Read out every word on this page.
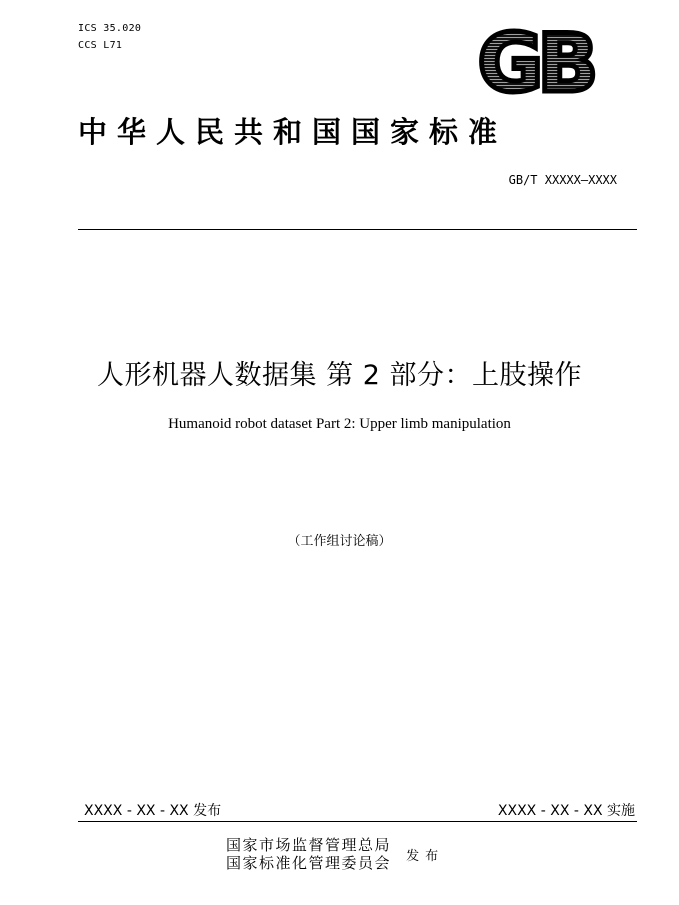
ICS 35.020
CCS L71	GB
中华人民共和国国家标准
GB/T XXXXX—XXXX
人形机器人数据集 第 2 部分：上肢操作
Humanoid robot dataset Part 2: Upper limb manipulation
（工作组讨论稿）
XXXX - XX - XX 发布	XXXX - XX - XX 实施
国家市场监督管理总局
国家标准化管理委员会 发布
